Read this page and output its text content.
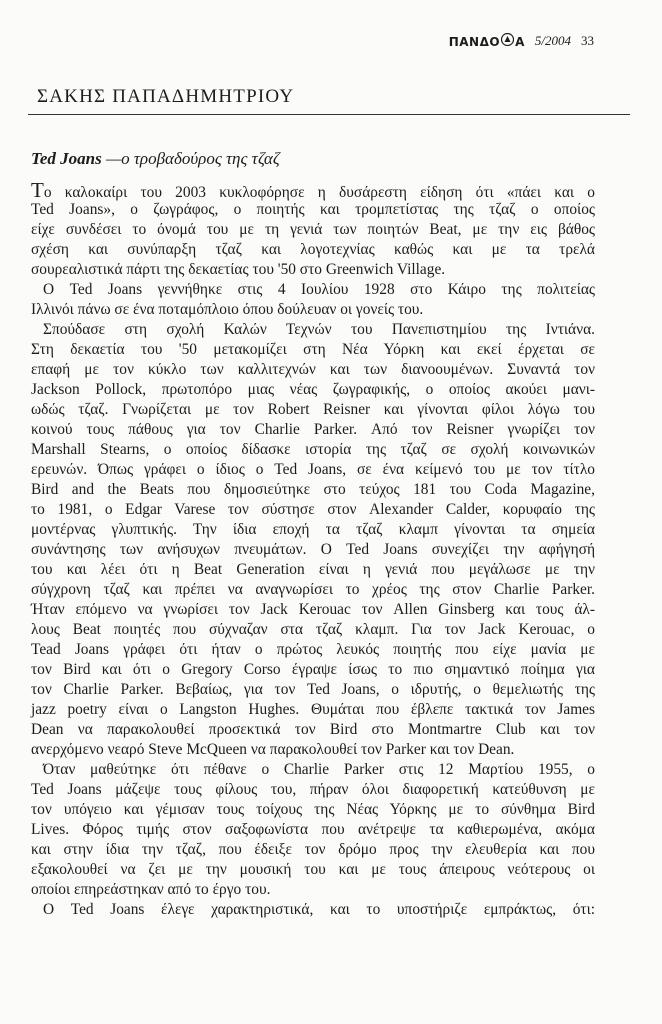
ΠΑΝΔΟ Α 5/2004 33
ΣΑΚΗΣ ΠΑΠΑΔΗΜΗΤΡΙΟΥ
Ted Joans —ο τροβαδούρος της τζαζ
Το καλοκαίρι του 2003 κυκλοφόρησε η δυσάρεστη είδηση ότι «πάει και ο
Ted Joans», ο ζωγράφος, ο ποιητής και τρομπετίστας της τζαζ ο οποίος
είχε συνδέσει το όνομά του με τη γενιά των ποιητών Beat, με την εις βάθος
σχέση και συνύπαρξη τζαζ και λογοτεχνίας καθώς και με τα τρελά
σουρεαλιστικά πάρτι της δεκαετίας του '50 στο Greenwich Village.
Ο Ted Joans γεννήθηκε στις 4 Ιουλίου 1928 στο Κάιρο της πολιτείας
Ιλλινόι πάνω σε ένα ποταμόπλοιο όπου δούλευαν οι γονείς του.
Σπούδασε στη σχολή Καλών Τεχνών του Πανεπιστημίου της Ιντιάνα.
Στη δεκαετία του '50 μετακομίζει στη Νέα Υόρκη και εκεί έρχεται σε
επαφή με τον κύκλο των καλλιτεχνών και των διανοουμένων. Συναντά τον
Jackson Pollock, πρωτοπόρο μιας νέας ζωγραφικής, ο οποίος ακούει μανι-
ωδώς τζαζ. Γνωρίζεται με τον Robert Reisner και γίνονται φίλοι λόγω του
κοινού τους πάθους για τον Charlie Parker. Από τον Reisner γνωρίζει τον
Marshall Stearns, ο οποίος δίδασκε ιστορία της τζαζ σε σχολή κοινωνικών
ερευνών. Όπως γράφει ο ίδιος ο Ted Joans, σε ένα κείμενό του με τον τίτλο
Bird and the Beats που δημοσιεύτηκε στο τεύχος 181 του Coda Magazine,
το 1981, ο Edgar Varese τον σύστησε στον Alexander Calder, κορυφαίο της
μοντέρνας γλυπτικής. Την ίδια εποχή τα τζαζ κλαμπ γίνονται τα σημεία
συνάντησης των ανήσυχων πνευμάτων. Ο Ted Joans συνεχίζει την αφήγησή
του και λέει ότι η Beat Generation είναι η γενιά που μεγάλωσε με την
σύγχρονη τζαζ και πρέπει να αναγνωρίσει το χρέος της στον Charlie Parker.
Ήταν επόμενο να γνωρίσει τον Jack Kerouac τον Allen Ginsberg και τους άλ-
λους Beat ποιητές που σύχναζαν στα τζαζ κλαμπ. Για τον Jack Kerouac, ο
Tead Joans γράφει ότι ήταν ο πρώτος λευκός ποιητής που είχε μανία με
τον Bird και ότι ο Gregory Corso έγραψε ίσως το πιο σημαντικό ποίημα για
τον Charlie Parker. Βεβαίως, για τον Ted Joans, ο ιδρυτής, ο θεμελιωτής της
jazz poetry είναι ο Langston Hughes. Θυμάται που έβλεπε τακτικά τον James
Dean να παρακολουθεί προσεκτικά τον Bird στο Montmartre Club και τον
ανερχόμενο νεαρό Steve McQueen να παρακολουθεί τον Parker και τον Dean.
Όταν μαθεύτηκε ότι πέθανε ο Charlie Parker στις 12 Μαρτίου 1955, ο
Ted Joans μάζεψε τους φίλους του, πήραν όλοι διαφορετική κατεύθυνση με
τον υπόγειο και γέμισαν τους τοίχους της Νέας Υόρκης με το σύνθημα Bird
Lives. Φόρος τιμής στον σαξοφωνίστα που ανέτρεψε τα καθιερωμένα, ακόμα
και στην ίδια την τζαζ, που έδειξε τον δρόμο προς την ελευθερία και που
εξακολουθεί να ζει με την μουσική του και με τους άπειρους νεότερους οι
οποίοι επηρεάστηκαν από το έργο του.
Ο Ted Joans έλεγε χαρακτηριστικά, και το υποστήριζε εμπράκτως, ότι:
